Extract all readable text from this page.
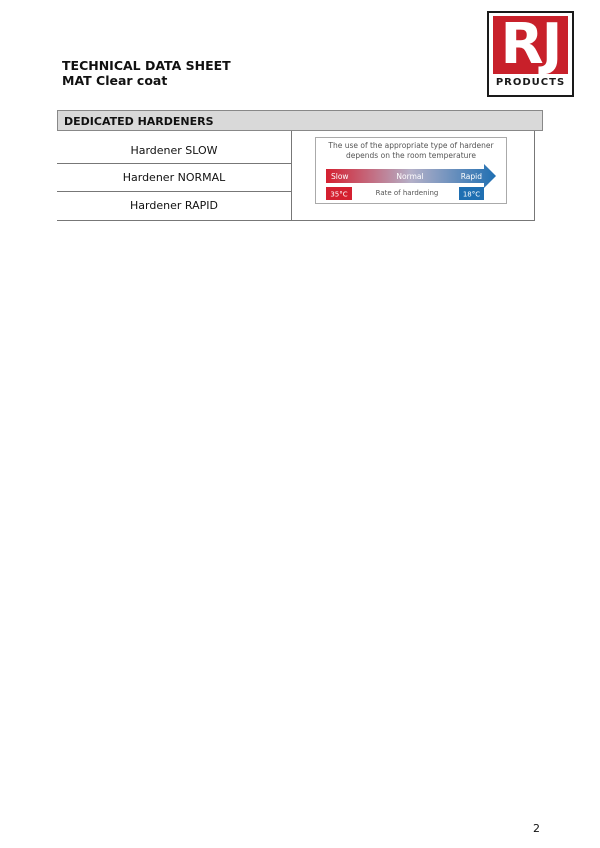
TECHNICAL DATA SHEET
MAT Clear coat
RJ
PRODUCTS
DEDICATED HARDENERS
Hardener SLOW
Hardener NORMAL
Hardener RAPID
The use of the appropriate type of hardener
depends on the room temperature
Slow	Normal	Rapid
35°C	Rate of hardening	18°C
2
